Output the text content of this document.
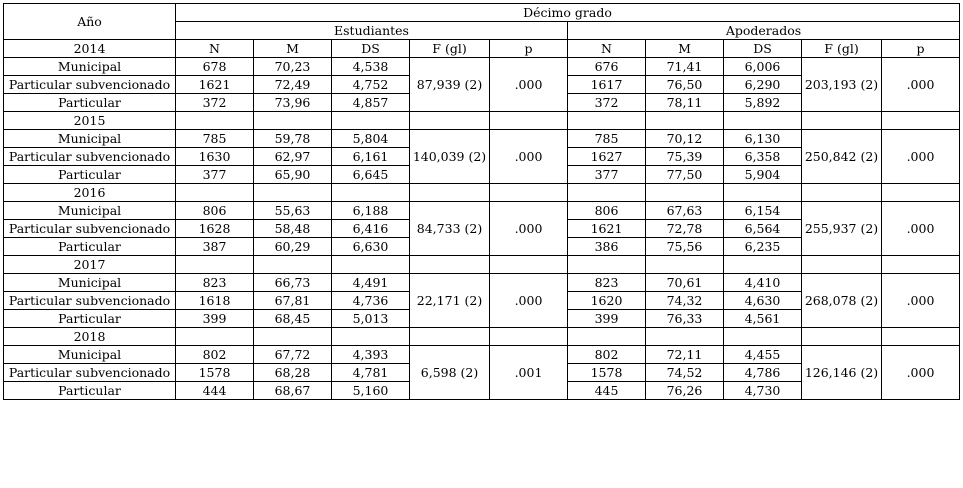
Año	Décimo grado									
	Estudiantes					Apoderados				
2014	N	M	DS	F (gl)	p	N	M	DS	F (gl)	p
Municipal	678	70,23	4,538	87,939 (2)	.000	676	71,41	6,006	203,193 (2)	.000
Particular subvencionado	1621	72,49	4,752			1617	76,50	6,290		
Particular	372	73,96	4,857			372	78,11	5,892		
2015										
Municipal	785	59,78	5,804	140,039 (2)	.000	785	70,12	6,130	250,842 (2)	.000
Particular subvencionado	1630	62,97	6,161			1627	75,39	6,358		
Particular	377	65,90	6,645			377	77,50	5,904		
2016										
Municipal	806	55,63	6,188	84,733 (2)	.000	806	67,63	6,154	255,937 (2)	.000
Particular subvencionado	1628	58,48	6,416			1621	72,78	6,564		
Particular	387	60,29	6,630			386	75,56	6,235		
2017										
Municipal	823	66,73	4,491	22,171 (2)	.000	823	70,61	4,410	268,078 (2)	.000
Particular subvencionado	1618	67,81	4,736			1620	74,32	4,630		
Particular	399	68,45	5,013			399	76,33	4,561		
2018										
Municipal	802	67,72	4,393	6,598 (2)	.001	802	72,11	4,455	126,146 (2)	.000
Particular subvencionado	1578	68,28	4,781			1578	74,52	4,786		
Particular	444	68,67	5,160			445	76,26	4,730		
